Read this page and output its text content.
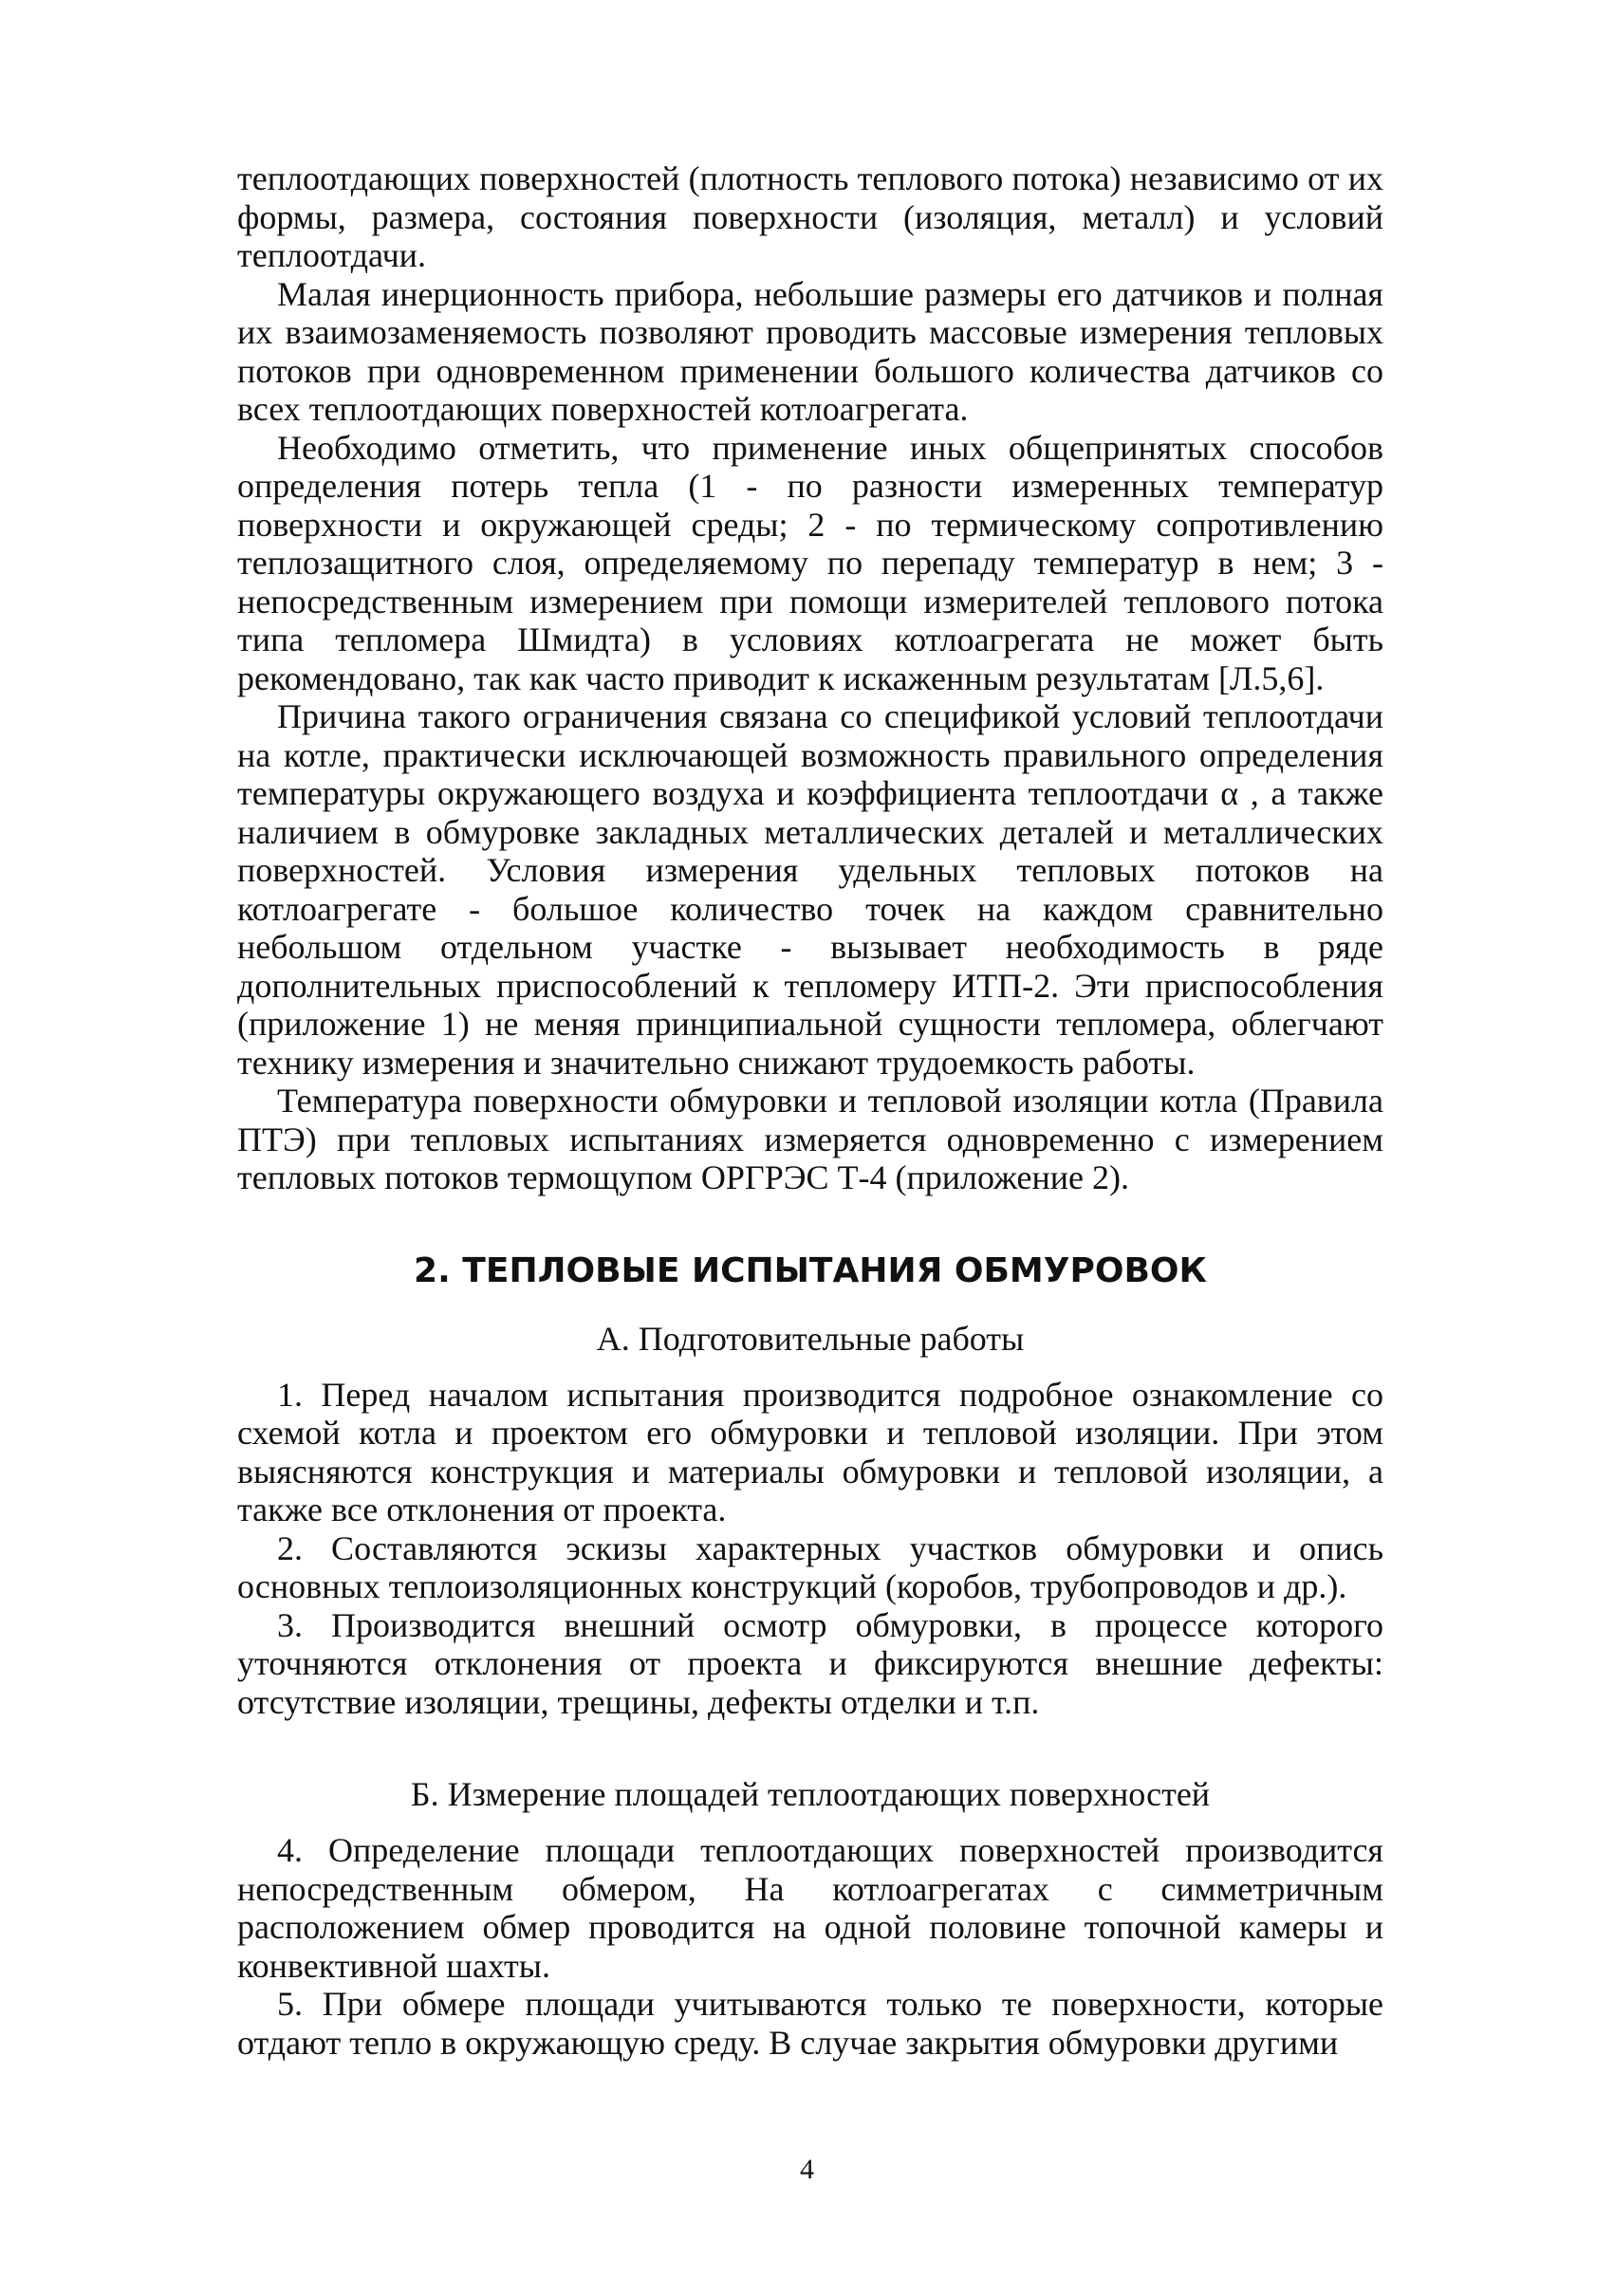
теплоотдающих поверхностей (плотность теплового потока) независимо от их формы, размера, состояния поверхности (изоляция, металл) и условий теплоотдачи.

Малая инерционность прибора, небольшие размеры его датчиков и полная их взаимозаменяемость позволяют проводить массовые измерения тепловых потоков при одновременном применении большого количества датчиков со всех теплоотдающих поверхностей котлоагрегата.

Необходимо отметить, что применение иных общепринятых способов определения потерь тепла (1 - по разности измеренных температур поверхности и окружающей среды; 2 - по термическому сопротивлению теплозащитного слоя, определяемому по перепаду температур в нем; 3 - непосредственным измерением при помощи измерителей теплового потока типа тепломера Шмидта) в условиях котлоагрегата не может быть рекомендовано, так как часто приводит к искаженным результатам [Л.5,6].

Причина такого ограничения связана со спецификой условий теплоотдачи на котле, практически исключающей возможность правильного определения температуры окружающего воздуха и коэффициента теплоотдачи α , а также наличием в обмуровке закладных металлических деталей и металлических поверхностей. Условия измерения удельных тепловых потоков на котлоагрегате - большое количество точек на каждом сравнительно небольшом отдельном участке - вызывает необходимость в ряде дополнительных приспособлений к тепломеру ИТП-2. Эти приспособления (приложение 1) не меняя принципиальной сущности тепломера, облегчают технику измерения и значительно снижают трудоемкость работы.

Температура поверхности обмуровки и тепловой изоляции котла (Правила ПТЭ) при тепловых испытаниях измеряется одновременно с измерением тепловых потоков термощупом ОРГРЭС Т-4 (приложение 2).

2. ТЕПЛОВЫЕ ИСПЫТАНИЯ ОБМУРОВОК
А. Подготовительные работы

1. Перед началом испытания производится подробное ознакомление со схемой котла и проектом его обмуровки и тепловой изоляции. При этом выясняются конструкция и материалы обмуровки и тепловой изоляции, а также все отклонения от проекта.

2. Составляются эскизы характерных участков обмуровки и опись основных теплоизоляционных конструкций (коробов, трубопроводов и др.).

3. Производится внешний осмотр обмуровки, в процессе которого уточняются отклонения от проекта и фиксируются внешние дефекты: отсутствие изоляции, трещины, дефекты отделки и т.п.

Б. Измерение площадей теплоотдающих поверхностей

4. Определение площади теплоотдающих поверхностей производится непосредственным обмером, На котлоагрегатах с симметричным расположением обмер проводится на одной половине топочной камеры и конвективной шахты.

5. При обмере площади учитываются только те поверхности, которые отдают тепло в окружающую среду. В случае закрытия обмуровки другими

4
